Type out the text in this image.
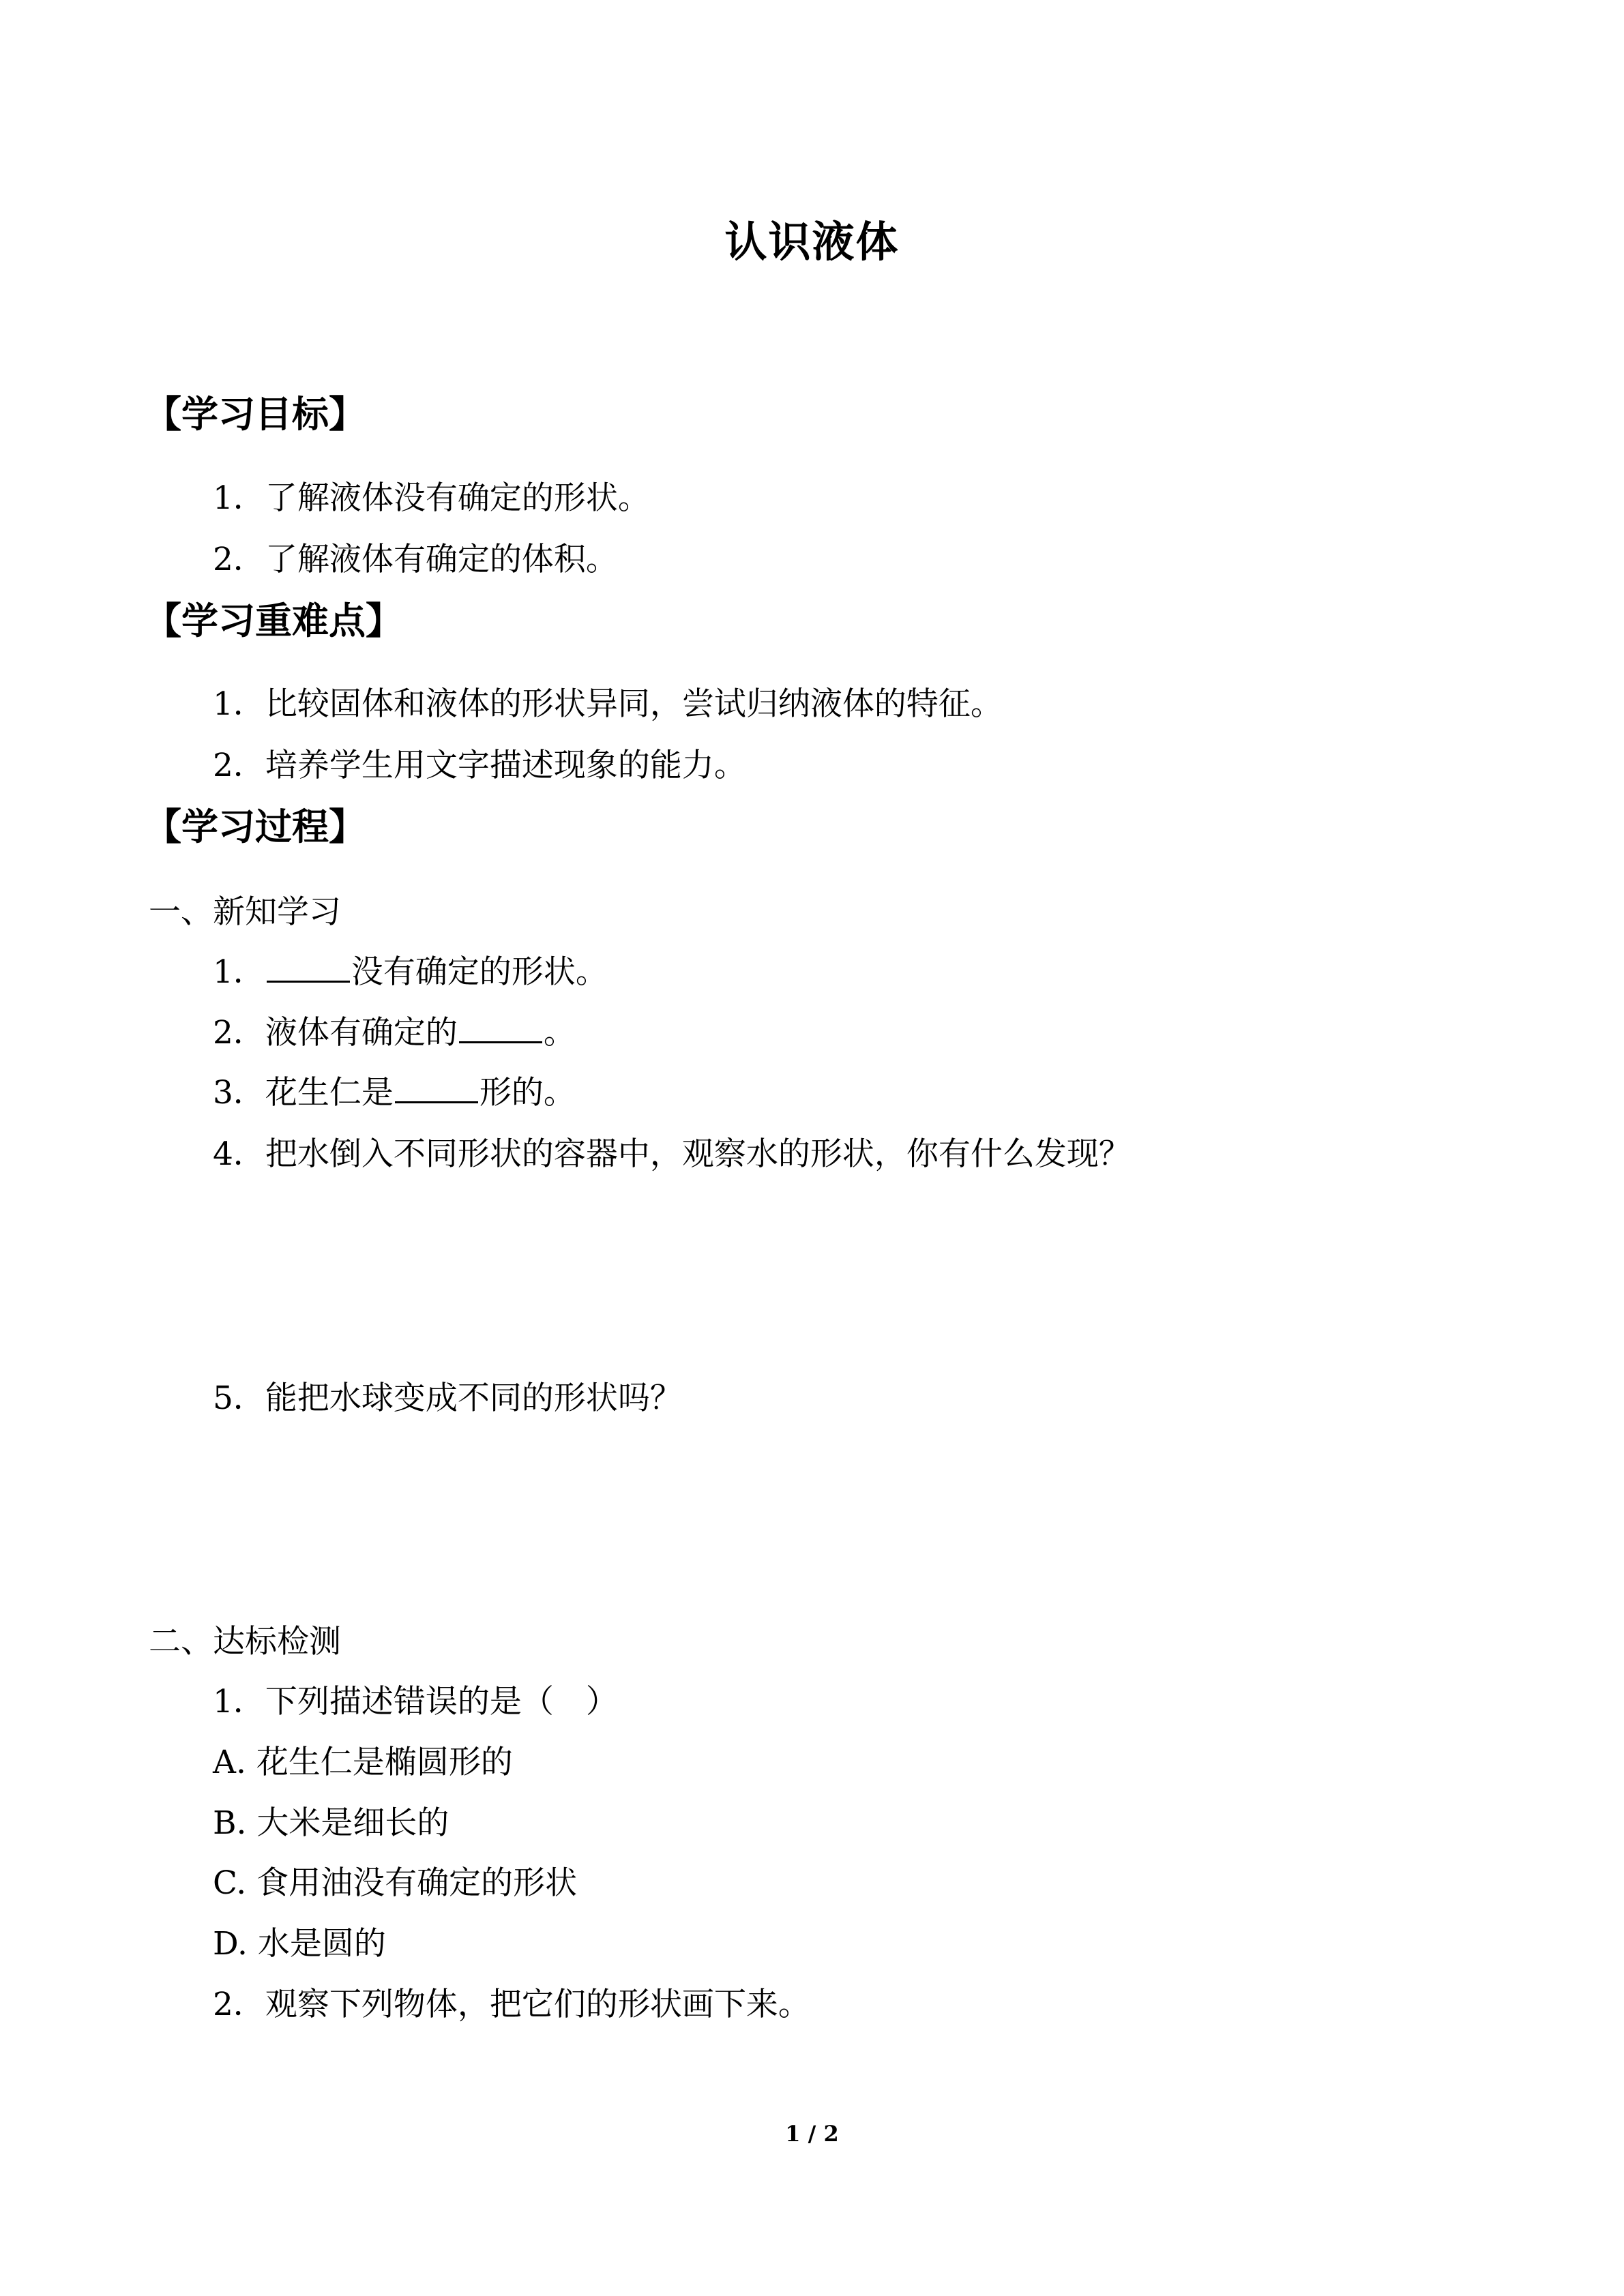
认识液体
【学习目标】
1．了解液体没有确定的形状。
2．了解液体有确定的体积。
【学习重难点】
1．比较固体和液体的形状异同，尝试归纳液体的特征。
2．培养学生用文字描述现象的能力。
【学习过程】
一、新知学习
1．	没有确定的形状。
2．液体有确定的	。
3．花生仁是	形的。
4．把水倒入不同形状的容器中，观察水的形状，你有什么发现？
5．能把水球变成不同的形状吗？
二、达标检测
1．下列描述错误的是（　）
A. 花生仁是椭圆形的
B. 大米是细长的
C. 食用油没有确定的形状
D. 水是圆的
2．观察下列物体，把它们的形状画下来。
1 / 2
